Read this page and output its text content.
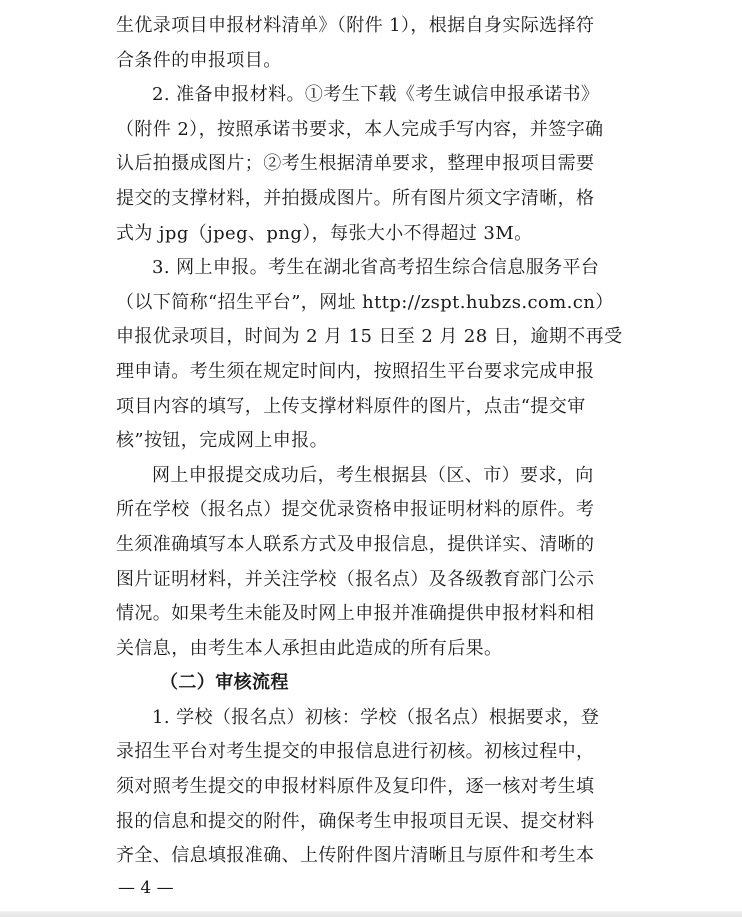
生优录项目申报材料清单》（附件 1），根据自身实际选择符
合条件的申报项目。
2. 准备申报材料。①考生下载《考生诚信申报承诺书》
（附件 2），按照承诺书要求，本人完成手写内容，并签字确
认后拍摄成图片；②考生根据清单要求，整理申报项目需要
提交的支撑材料，并拍摄成图片。所有图片须文字清晰，格
式为 jpg（jpeg、png），每张大小不得超过 3M。
3. 网上申报。考生在湖北省高考招生综合信息服务平台
（以下简称“招生平台”，网址 http://zspt.hubzs.com.cn）
申报优录项目，时间为 2 月 15 日至 2 月 28 日，逾期不再受
理申请。考生须在规定时间内，按照招生平台要求完成申报
项目内容的填写，上传支撑材料原件的图片，点击“提交审
核”按钮，完成网上申报。
网上申报提交成功后，考生根据县（区、市）要求，向
所在学校（报名点）提交优录资格申报证明材料的原件。考
生须准确填写本人联系方式及申报信息，提供详实、清晰的
图片证明材料，并关注学校（报名点）及各级教育部门公示
情况。如果考生未能及时网上申报并准确提供申报材料和相
关信息，由考生本人承担由此造成的所有后果。
（二）审核流程
1. 学校（报名点）初核：学校（报名点）根据要求，登
录招生平台对考生提交的申报信息进行初核。初核过程中，
须对照考生提交的申报材料原件及复印件，逐一核对考生填
报的信息和提交的附件，确保考生申报项目无误、提交材料
齐全、信息填报准确、上传附件图片清晰且与原件和考生本
— 4 —
